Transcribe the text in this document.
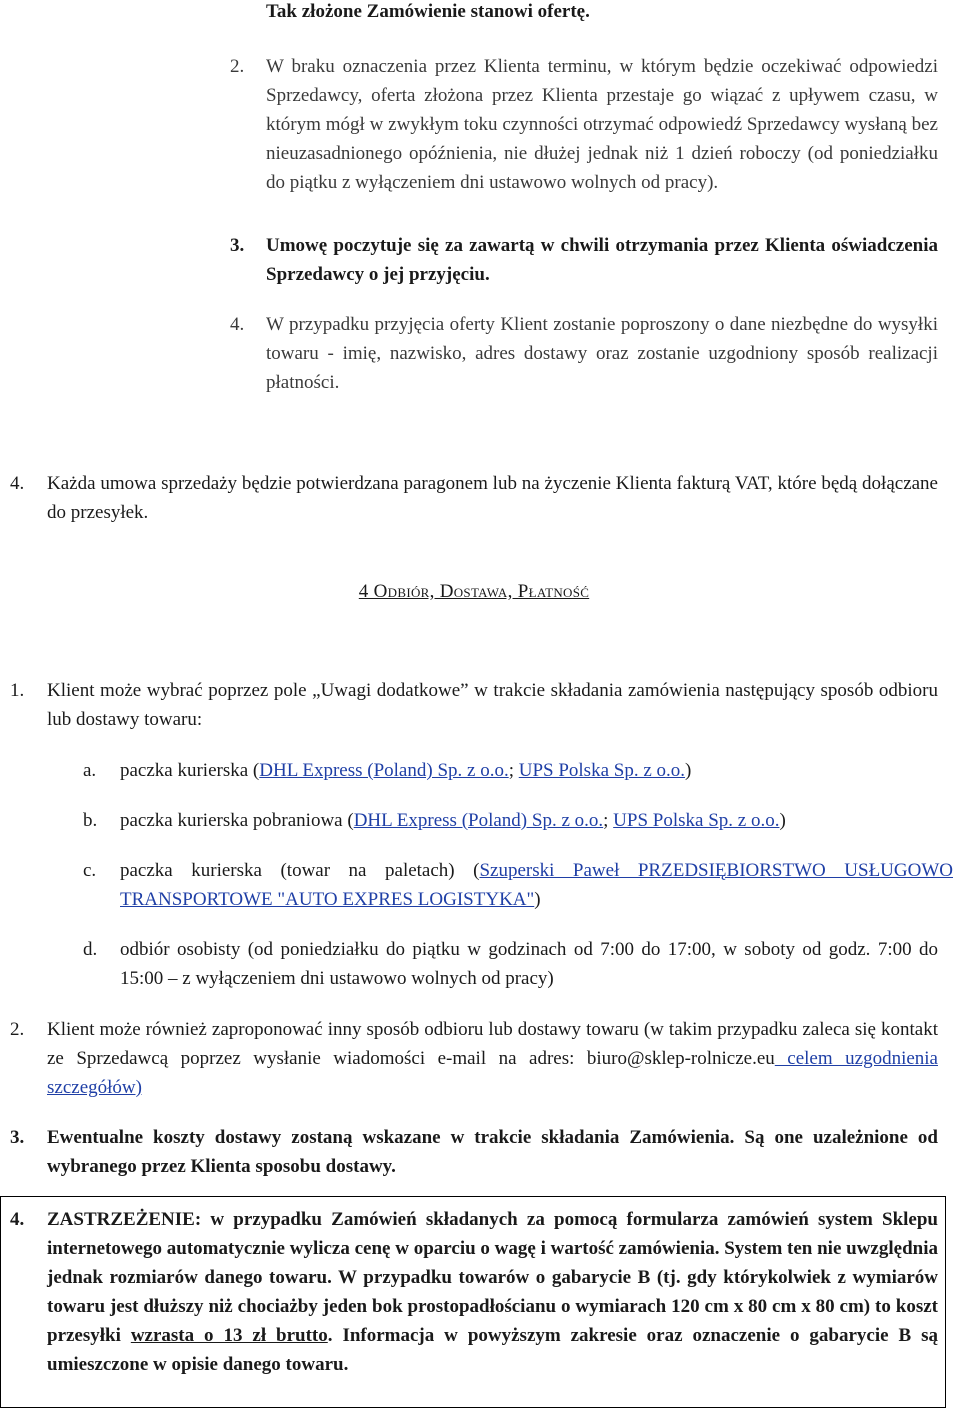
Tak złożone Zamówienie stanowi ofertę.
2. W braku oznaczenia przez Klienta terminu, w którym będzie oczekiwać odpowiedzi Sprzedawcy, oferta złożona przez Klienta przestaje go wiązać z upływem czasu, w którym mógł w zwykłym toku czynności otrzymać odpowiedź Sprzedawcy wysłaną bez nieuzasadnionego opóźnienia, nie dłużej jednak niż 1 dzień roboczy (od poniedziałku do piątku z wyłączeniem dni ustawowo wolnych od pracy).

3. Umowę poczytuje się za zawartą w chwili otrzymania przez Klienta oświadczenia Sprzedawcy o jej przyjęciu.

4. W przypadku przyjęcia oferty Klient zostanie poproszony o dane niezbędne do wysyłki towaru - imię, nazwisko, adres dostawy oraz zostanie uzgodniony sposób realizacji płatności.

4. Każda umowa sprzedaży będzie potwierdzana paragonem lub na życzenie Klienta fakturą VAT, które będą dołączane do przesyłek.

4 Odbiór, Dostawa, Płatność
1. Klient może wybrać poprzez pole „Uwagi dodatkowe” w trakcie składania zamówienia następujący sposób odbioru lub dostawy towaru:

a. paczka kurierska (DHL Express (Poland) Sp. z o.o.; UPS Polska Sp. z o.o.)

b. paczka kurierska pobraniowa (DHL Express (Poland) Sp. z o.o.; UPS Polska Sp. z o.o.)

c. paczka kurierska (towar na paletach) (Szuperski Paweł PRZEDSIĘBIORSTWO USŁUGOWO TRANSPORTOWE "AUTO EXPRES LOGISTYKA")

d. odbiór osobisty (od poniedziałku do piątku w godzinach od 7:00 do 17:00, w soboty od godz. 7:00 do 15:00 – z wyłączeniem dni ustawowo wolnych od pracy)

2. Klient może również zaproponować inny sposób odbioru lub dostawy towaru (w takim przypadku zaleca się kontakt ze Sprzedawcą poprzez wysłanie wiadomości e-mail na adres: biuro@sklep-rolnicze.eu celem uzgodnienia szczegółów)

3. Ewentualne koszty dostawy zostaną wskazane w trakcie składania Zamówienia. Są one uzależnione od wybranego przez Klienta sposobu dostawy.

4. ZASTRZEŻENIE: w przypadku Zamówień składanych za pomocą formularza zamówień system Sklepu internetowego automatycznie wylicza cenę w oparciu o wagę i wartość zamówienia. System ten nie uwzględnia jednak rozmiarów danego towaru. W przypadku towarów o gabarycie B (tj. gdy którykolwiek z wymiarów towaru jest dłuższy niż chociażby jeden bok prostopadłościanu o wymiarach 120 cm x 80 cm x 80 cm) to koszt przesyłki wzrasta o 13 zł brutto. Informacja w powyższym zakresie oraz oznaczenie o gabarycie B są umieszczone w opisie danego towaru.
